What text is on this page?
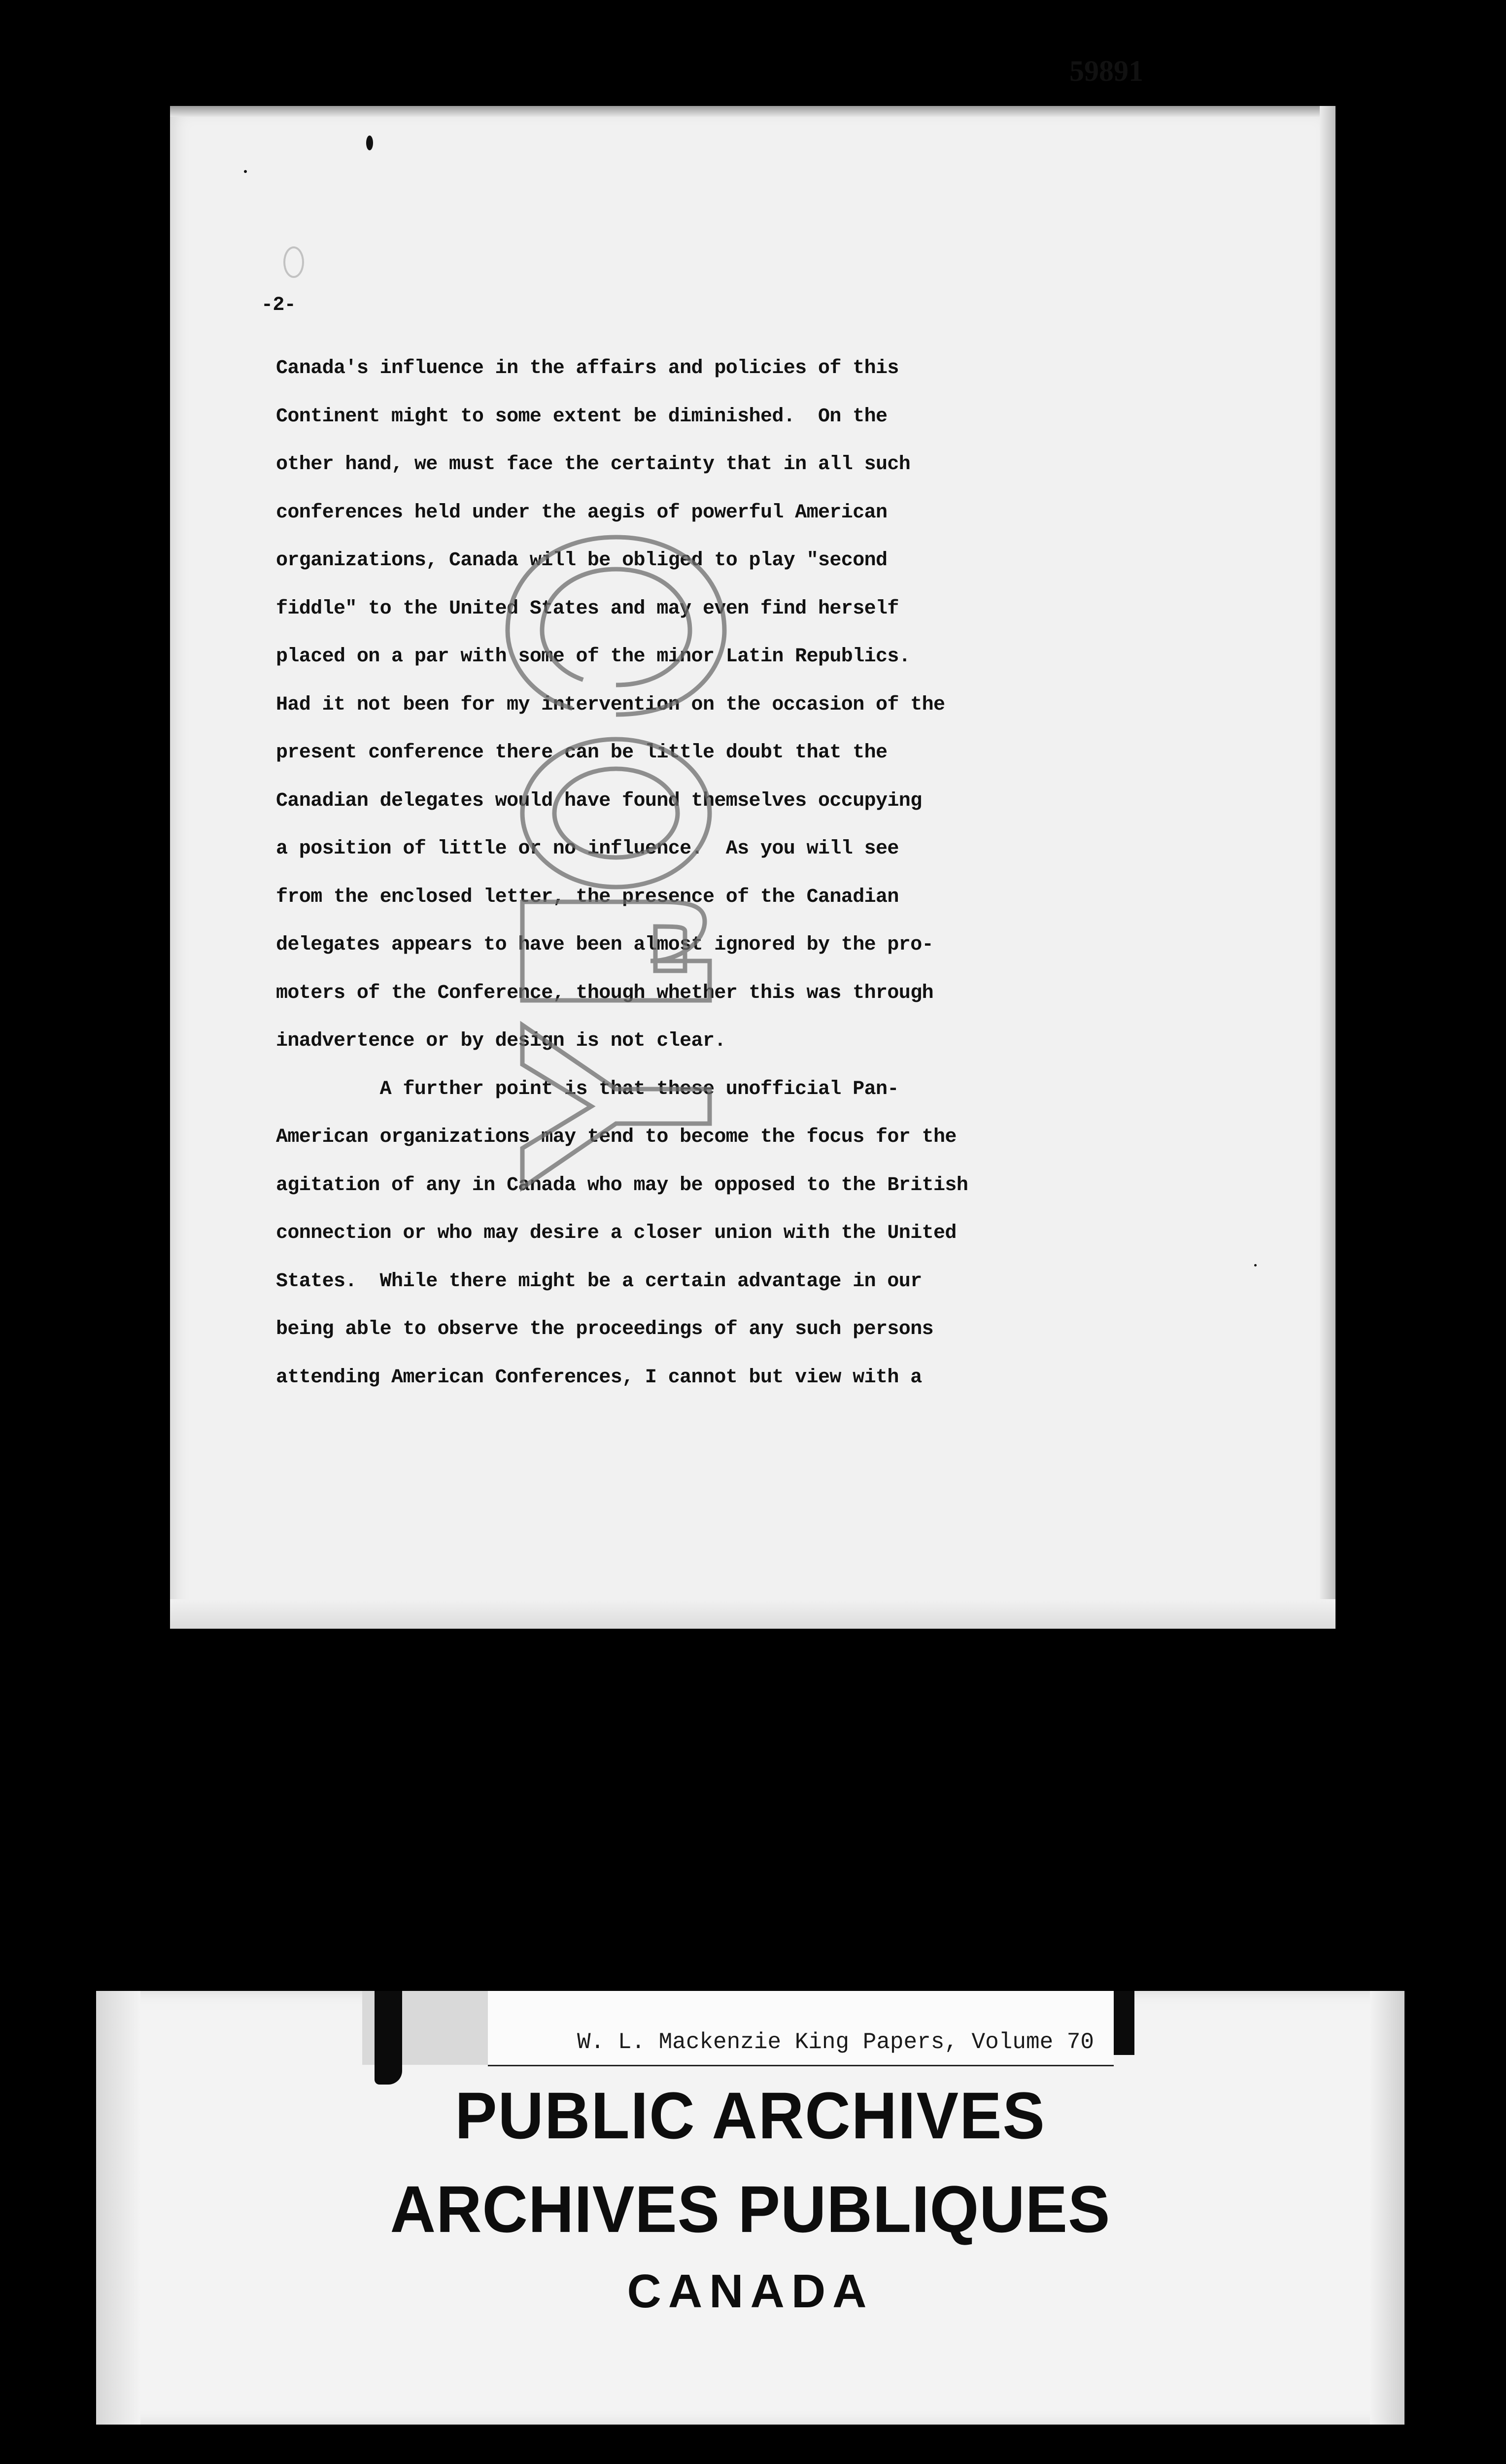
59891
-2-
Canada's influence in the affairs and policies of this
Continent might to some extent be diminished.  On the
other hand, we must face the certainty that in all such
conferences held under the aegis of powerful American
organizations, Canada will be obliged to play "second
fiddle" to the United States and may even find herself
placed on a par with some of the minor Latin Republics.
Had it not been for my intervention on the occasion of the
present conference there can be little doubt that the
Canadian delegates would have found themselves occupying
a position of little or no influence.  As you will see
from the enclosed letter, the presence of the Canadian
delegates appears to have been almost ignored by the pro-
moters of the Conference, though whether this was through
inadvertence or by design is not clear.
A further point is that these unofficial Pan-
American organizations may tend to become the focus for the
agitation of any in Canada who may be opposed to the British
connection or who may desire a closer union with the United
States.  While there might be a certain advantage in our
being able to observe the proceedings of any such persons
attending American Conferences, I cannot but view with a
W. L. Mackenzie King Papers, Volume 70
PUBLIC ARCHIVES
ARCHIVES PUBLIQUES
CANADA
